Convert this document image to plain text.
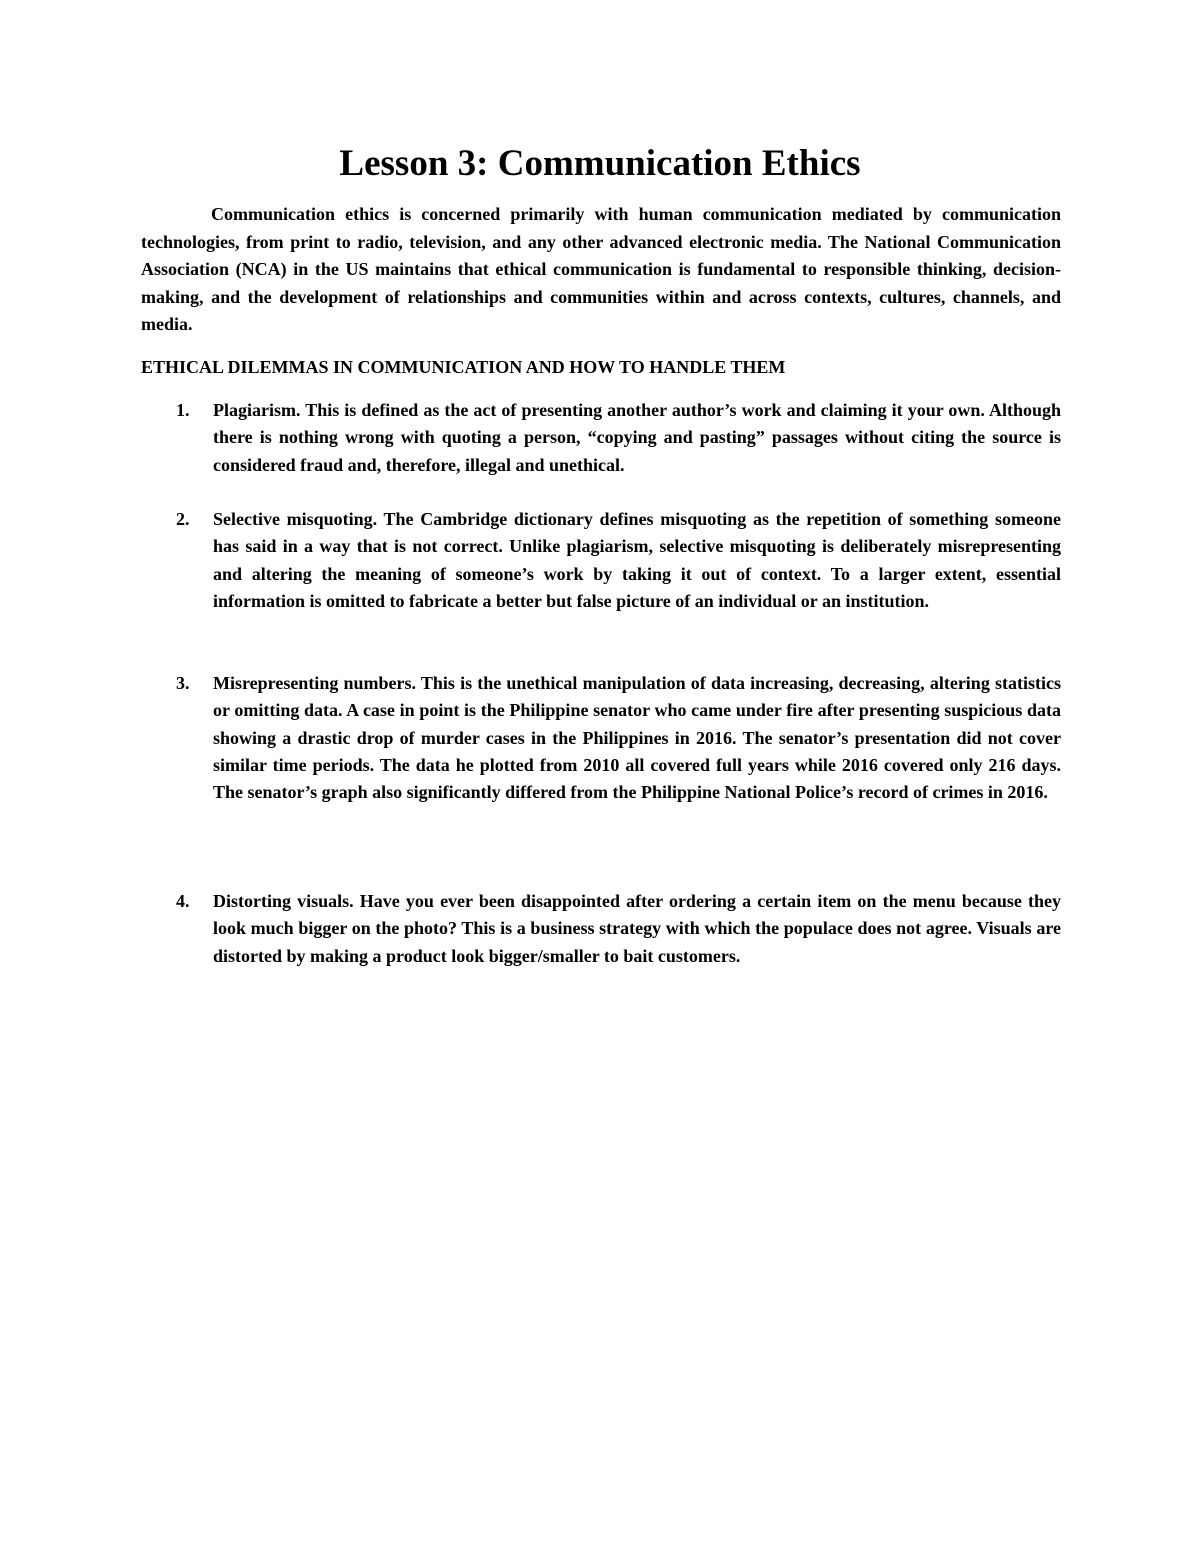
Lesson 3: Communication Ethics

Communication ethics is concerned primarily with human communication mediated by communication technologies, from print to radio, television, and any other advanced electronic media. The National Communication Association (NCA) in the US maintains that ethical communication is fundamental to responsible thinking, decision-making, and the development of relationships and communities within and across contexts, cultures, channels, and media.

ETHICAL DILEMMAS IN COMMUNICATION AND HOW TO HANDLE THEM

1. Plagiarism. This is defined as the act of presenting another author’s work and claiming it your own. Although there is nothing wrong with quoting a person, “copying and pasting” passages without citing the source is considered fraud and, therefore, illegal and unethical.

2. Selective misquoting. The Cambridge dictionary defines misquoting as the repetition of something someone has said in a way that is not correct. Unlike plagiarism, selective misquoting is deliberately misrepresenting and altering the meaning of someone’s work by taking it out of context. To a larger extent, essential information is omitted to fabricate a better but false picture of an individual or an institution.

3. Misrepresenting numbers. This is the unethical manipulation of data increasing, decreasing, altering statistics or omitting data. A case in point is the Philippine senator who came under fire after presenting suspicious data showing a drastic drop of murder cases in the Philippines in 2016. The senator’s presentation did not cover similar time periods. The data he plotted from 2010 all covered full years while 2016 covered only 216 days. The senator’s graph also significantly differed from the Philippine National Police’s record of crimes in 2016.

4. Distorting visuals. Have you ever been disappointed after ordering a certain item on the menu because they look much bigger on the photo? This is a business strategy with which the populace does not agree. Visuals are distorted by making a product look bigger/smaller to bait customers.
